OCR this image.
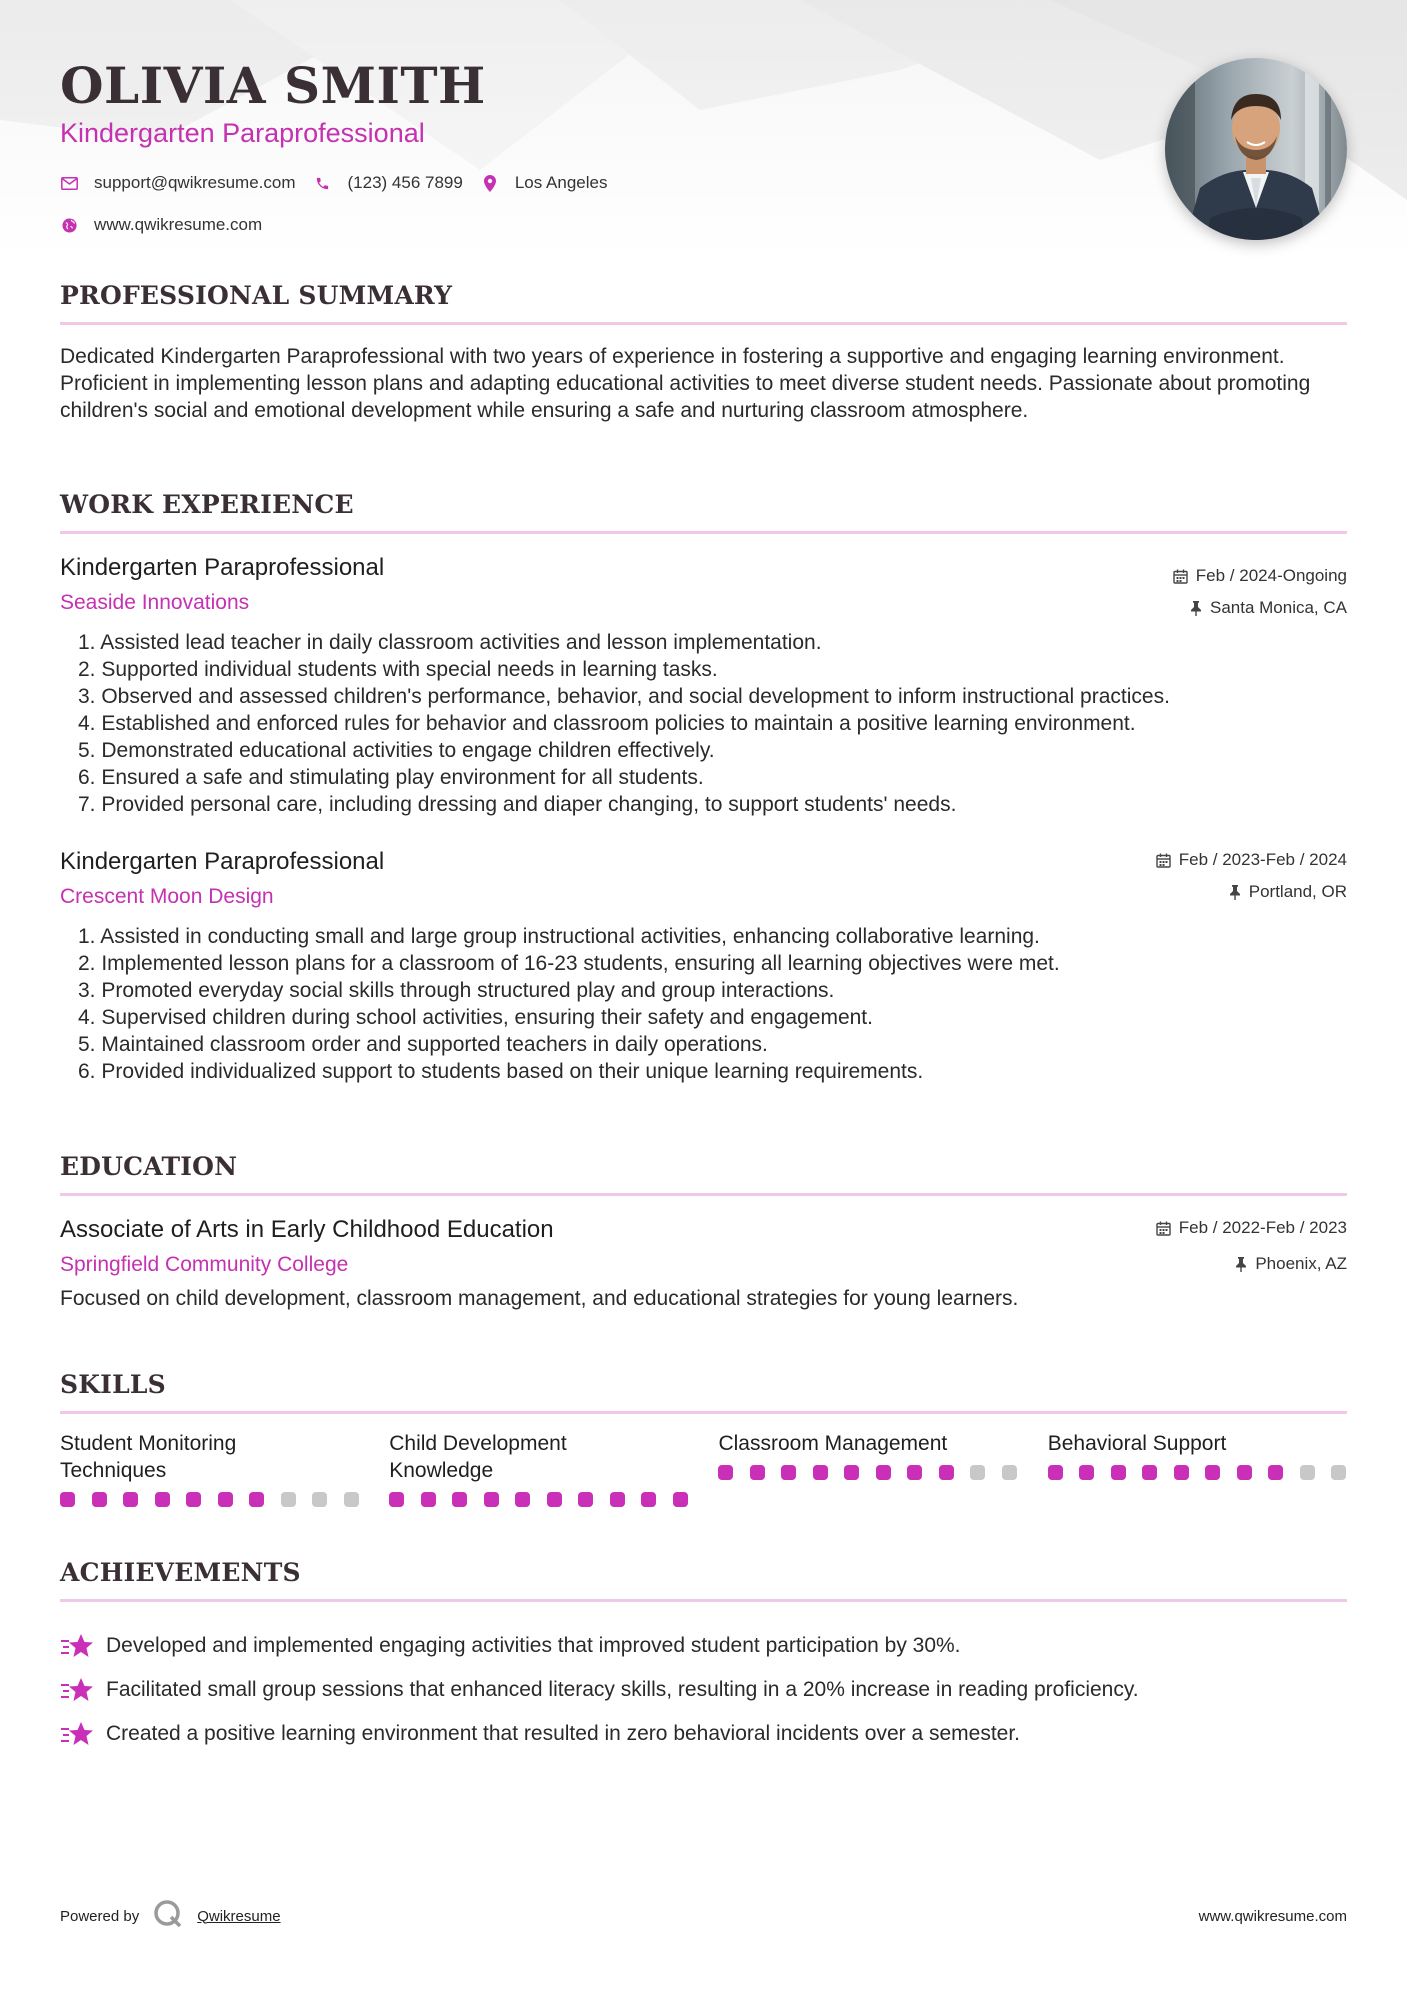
OLIVIA SMITH
Kindergarten Paraprofessional
support@qwikresume.com	(123) 456 7899	Los Angeles
www.qwikresume.com
PROFESSIONAL SUMMARY

Dedicated Kindergarten Paraprofessional with two years of experience in fostering a supportive and engaging learning environment. Proficient in implementing lesson plans and adapting educational activities to meet diverse student needs. Passionate about promoting children's social and emotional development while ensuring a safe and nurturing classroom atmosphere.

WORK EXPERIENCE
Kindergarten Paraprofessional
Seaside Innovations
Feb / 2024-Ongoing
Santa Monica, CA
1. Assisted lead teacher in daily classroom activities and lesson implementation.
2. Supported individual students with special needs in learning tasks.
3. Observed and assessed children's performance, behavior, and social development to inform instructional practices.
4. Established and enforced rules for behavior and classroom policies to maintain a positive learning environment.
5. Demonstrated educational activities to engage children effectively.
6. Ensured a safe and stimulating play environment for all students.
7. Provided personal care, including dressing and diaper changing, to support students' needs.
Kindergarten Paraprofessional
Crescent Moon Design
Feb / 2023-Feb / 2024
Portland, OR
1. Assisted in conducting small and large group instructional activities, enhancing collaborative learning.
2. Implemented lesson plans for a classroom of 16-23 students, ensuring all learning objectives were met.
3. Promoted everyday social skills through structured play and group interactions.
4. Supervised children during school activities, ensuring their safety and engagement.
5. Maintained classroom order and supported teachers in daily operations.
6. Provided individualized support to students based on their unique learning requirements.
EDUCATION
Associate of Arts in Early Childhood Education
Springfield Community College
Feb / 2022-Feb / 2023
Phoenix, AZ
Focused on child development, classroom management, and educational strategies for young learners.
SKILLS
Student Monitoring Techniques
Child Development Knowledge
Classroom Management	Behavioral Support
ACHIEVEMENTS
Developed and implemented engaging activities that improved student participation by 30%.
Facilitated small group sessions that enhanced literacy skills, resulting in a 20% increase in reading proficiency.
Created a positive learning environment that resulted in zero behavioral incidents over a semester.
Powered by	Qwikresume	www.qwikresume.com
